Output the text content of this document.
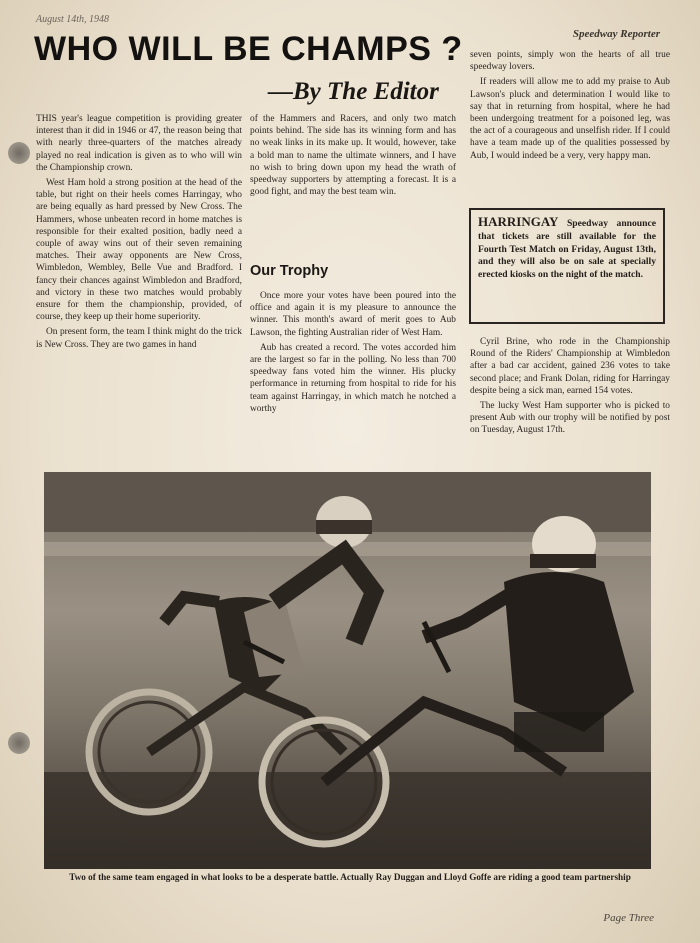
August 14th, 1948
Speedway Reporter
WHO WILL BE CHAMPS ?
—By The Editor

THIS year's league competition is providing greater interest than it did in 1946 or 47, the reason being that with nearly three-quarters of the matches already played no real indication is given as to who will win the Championship crown.

West Ham hold a strong position at the head of the table, but right on their heels comes Harringay, who are being equally as hard pressed by New Cross. The Hammers, whose unbeaten record in home matches is responsible for their exalted position, badly need a couple of away wins out of their seven remaining matches. Their away opponents are New Cross, Wimbledon, Wembley, Belle Vue and Bradford. I fancy their chances against Wimbledon and Bradford, and victory in these two matches would probably ensure for them the championship, provided, of course, they keep up their home superiority.

On present form, the team I think might do the trick is New Cross. They are two games in hand

of the Hammers and Racers, and only two match points behind. The side has its winning form and has no weak links in its make up. It would, however, take a bold man to name the ultimate winners, and I have no wish to bring down upon my head the wrath of speedway supporters by attempting a forecast. It is a good fight, and may the best team win.

Our Trophy

Once more your votes have been poured into the office and again it is my pleasure to announce the winner. This month's award of merit goes to Aub Lawson, the fighting Australian rider of West Ham.

Aub has created a record. The votes accorded him are the largest so far in the polling. No less than 700 speedway fans voted him the winner. His plucky performance in returning from hospital to ride for his team against Harringay, in which match he notched a worthy

seven points, simply won the hearts of all true speedway lovers.

If readers will allow me to add my praise to Aub Lawson's pluck and determination I would like to say that in returning from hospital, where he had been undergoing treatment for a poisoned leg, was the act of a courageous and unselfish rider. If I could have a team made up of the qualities possessed by Aub, I would indeed be a very, very happy man.

HARRINGAY Speedway announce that tickets are still available for the Fourth Test Match on Friday, August 13th, and they will also be on sale at specially erected kiosks on the night of the match.

Cyril Brine, who rode in the Championship Round of the Riders' Championship at Wimbledon after a bad car accident, gained 236 votes to take second place; and Frank Dolan, riding for Harringay despite being a sick man, earned 154 votes.

The lucky West Ham supporter who is picked to present Aub with our trophy will be notified by post on Tuesday, August 17th.

Two of the same team engaged in what looks to be a desperate battle. Actually Ray Duggan and Lloyd Goffe are riding a good team partnership
Page Three
